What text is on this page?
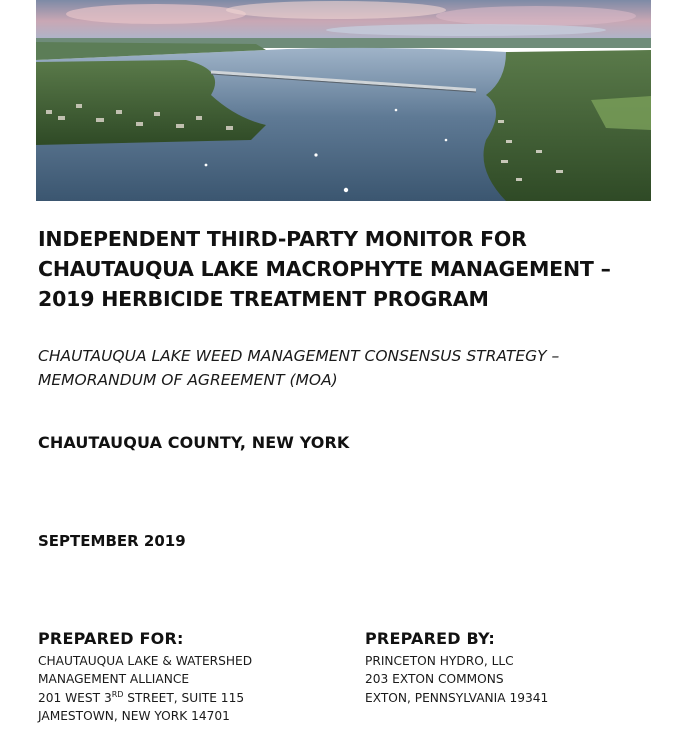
INDEPENDENT THIRD-PARTY MONITOR FOR
CHAUTAUQUA LAKE MACROPHYTE MANAGEMENT –
2019 HERBICIDE TREATMENT PROGRAM
CHAUTAUQUA LAKE WEED MANAGEMENT CONSENSUS STRATEGY –
MEMORANDUM OF AGREEMENT (MOA)
CHAUTAUQUA COUNTY, NEW YORK
SEPTEMBER 2019
PREPARED FOR:
CHAUTAUQUA LAKE & WATERSHED
MANAGEMENT ALLIANCE
201 WEST 3RD STREET, SUITE 115
JAMESTOWN, NEW YORK 14701
PREPARED BY:
PRINCETON HYDRO, LLC
203 EXTON COMMONS
EXTON, PENNSYLVANIA 19341
